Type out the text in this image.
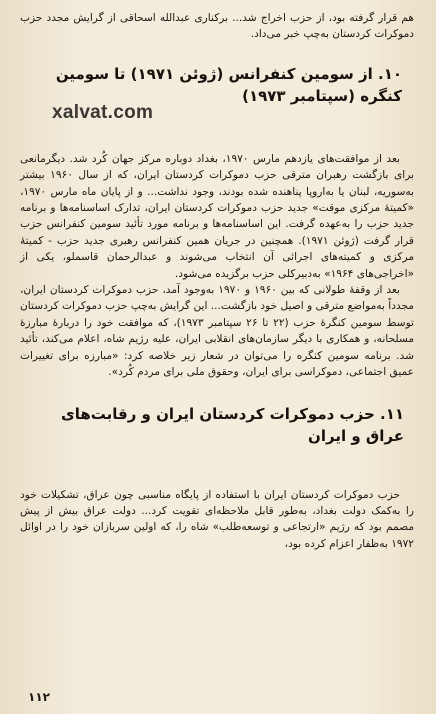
هم قرار گرفته بود، از حزب اخراج شد... برکناری عبدالله اسحاقی از گرایش مجدد حزب دموکرات کردستان به‌چپ خبر می‌داد.

۱۰. از سومین کنفرانس (ژوئن ۱۹۷۱) تا سومین کنگره (سپتامبر ۱۹۷۳)

بعد از موافقت‌های یازدهم مارس ۱۹۷۰، بغداد دوباره مرکز جهان کُرد شد. دیگرمانعی برای بازگشت رهبران مترقی حزب دموکرات کردستان ایران، که از سال ۱۹۶۰ بیشتر به‌سوریه، لبنان یا به‌اروپا پناهنده شده بودند، وجود نداشت... و از پایان ماه مارس ۱۹۷۰، «کمیتهٔ مرکزی موقت» جدید حزب دموکرات کردستان ایران، تدارک اساسنامه‌ها و برنامه جدید حزب را به‌عهده گرفت. این اساسنامه‌ها و برنامه مورد تأئید سومین کنفرانس حزب قرار گرفت (ژوئن ۱۹۷۱). همچنین در جریان همین کنفرانس رهبری جدید حزب - کمیتهٔ مرکزی و کمیته‌های اجرائی آن انتخاب می‌شوند و عبدالرحمان قاسملو، یکی از «اخراجی‌های ۱۹۶۴» به‌دبیرکلی حزب برگزیده می‌شود.

بعد از وقفهٔ طولانی که بین ۱۹۶۰ و ۱۹۷۰ به‌وجود آمد، حزب دموکرات کردستان ایران، مجدداً به‌مواضع مترقی و اصیل خود بازگشت... این گرایش به‌چپ حزب دموکرات کردستان توسط سومین کنگرهٔ حزب (۲۲ تا ۲۶ سپتامبر ۱۹۷۳)، که موافقت خود را دربارهٔ مبارزهٔ مسلحانه، و همکاری با دیگر سازمان‌های انقلابی ایران، علیه رژیم شاه، اعلام می‌کند، تأئید شد. برنامه سومین کنگره را می‌توان در شعار زیر خلاصه کرد: «مبارزه برای تغییرات عمیق اجتماعی، دموکراسی برای ایران، وحقوق ملی برای مردم کُرد».

۱۱. حزب دموکرات کردستان ایران و رقابت‌های عراق و ایران

حزب دموکرات کردستان ایران با استفاده از پایگاه مناسبی چون عراق، تشکیلات خود را به‌کمک دولت بغداد، به‌طور قابل ملاحظه‌ای تقویت کرد... دولت عراق بیش از پیش مصمم بود که رژیم «ارتجاعی و توسعه‌طلب» شاه را، که اولین سربازان خود را در اوائل ۱۹۷۲ به‌ظفار اعزام کرده بود،

xalvat.com
۱۱۲
